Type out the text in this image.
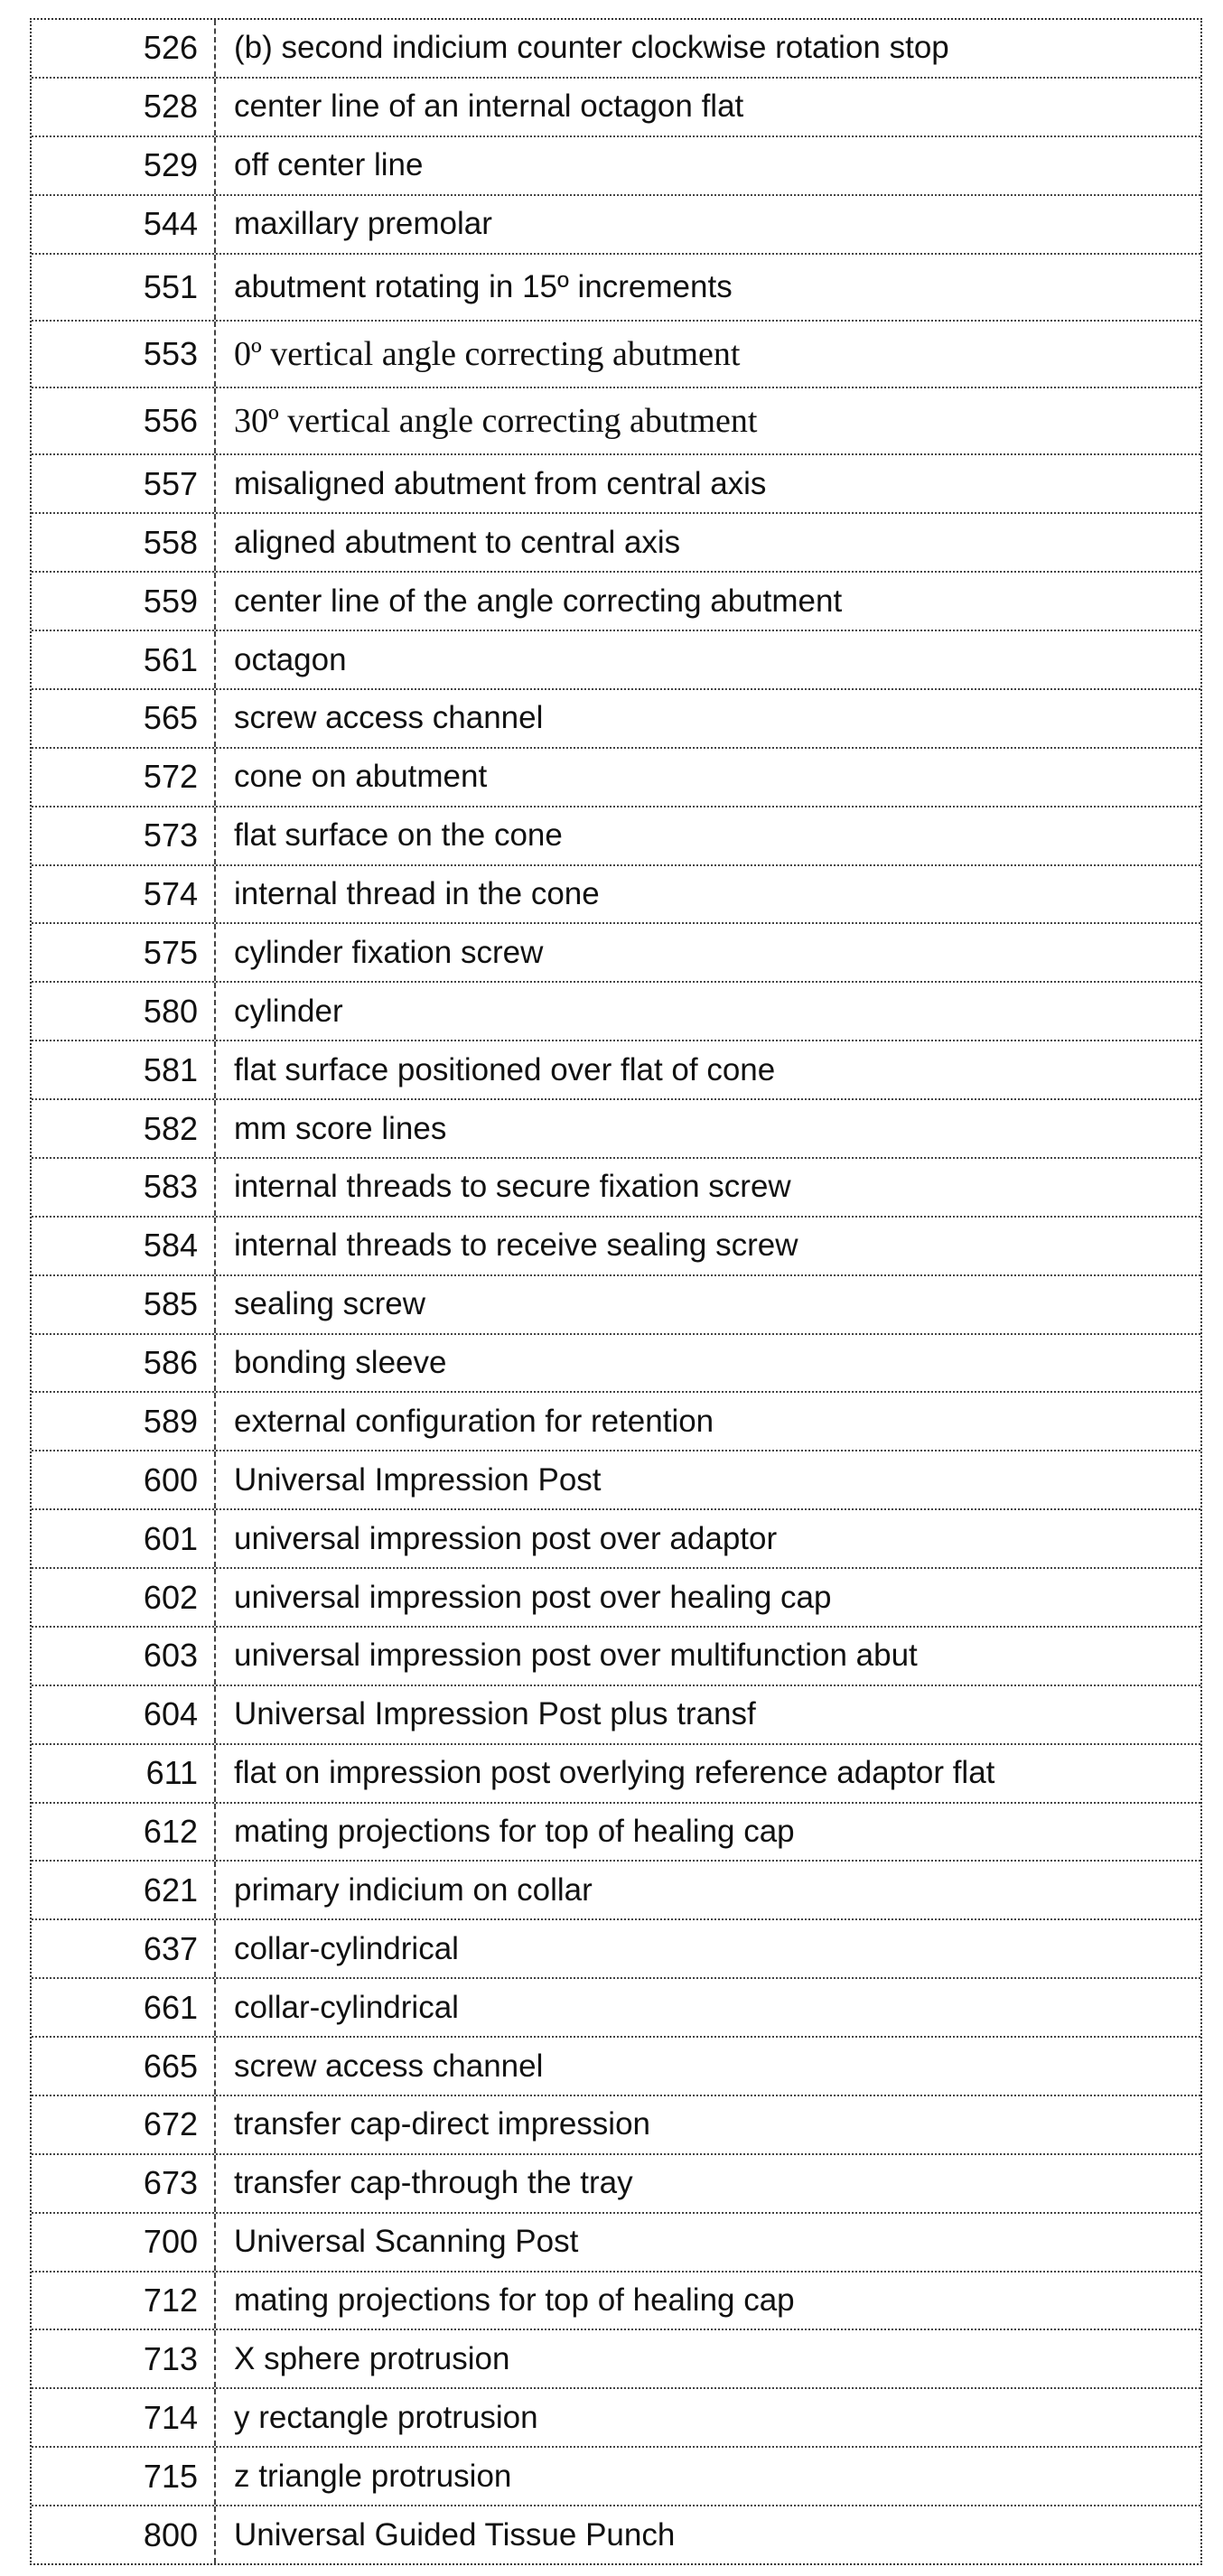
526	(b) second indicium counter clockwise rotation stop
528	center line of an internal octagon flat
529	off center line
544	maxillary premolar
551	abutment rotating in 15º increments
553	0º vertical angle correcting abutment
556	30º vertical angle correcting abutment
557	misaligned abutment from central axis
558	aligned abutment to central axis
559	center line of the angle correcting abutment
561	octagon
565	screw access channel
572	cone on abutment
573	flat surface on the cone
574	internal thread in the cone
575	cylinder fixation screw
580	cylinder
581	flat surface positioned over flat of cone
582	mm score lines
583	internal threads to secure fixation screw
584	internal threads to receive sealing screw
585	sealing screw
586	bonding sleeve
589	external configuration for retention
600	Universal Impression Post
601	universal impression post over adaptor
602	universal impression post over healing cap
603	universal impression post over multifunction abut
604	Universal Impression Post plus transf
611	flat on impression post overlying reference adaptor flat
612	mating projections for top of healing cap
621	primary indicium on collar
637	collar-cylindrical
661	collar-cylindrical
665	screw access channel
672	transfer cap-direct impression
673	transfer cap-through the tray
700	Universal Scanning Post
712	mating projections for top of healing cap
713	X sphere protrusion
714	y rectangle protrusion
715	z triangle protrusion
800	Universal Guided Tissue Punch
